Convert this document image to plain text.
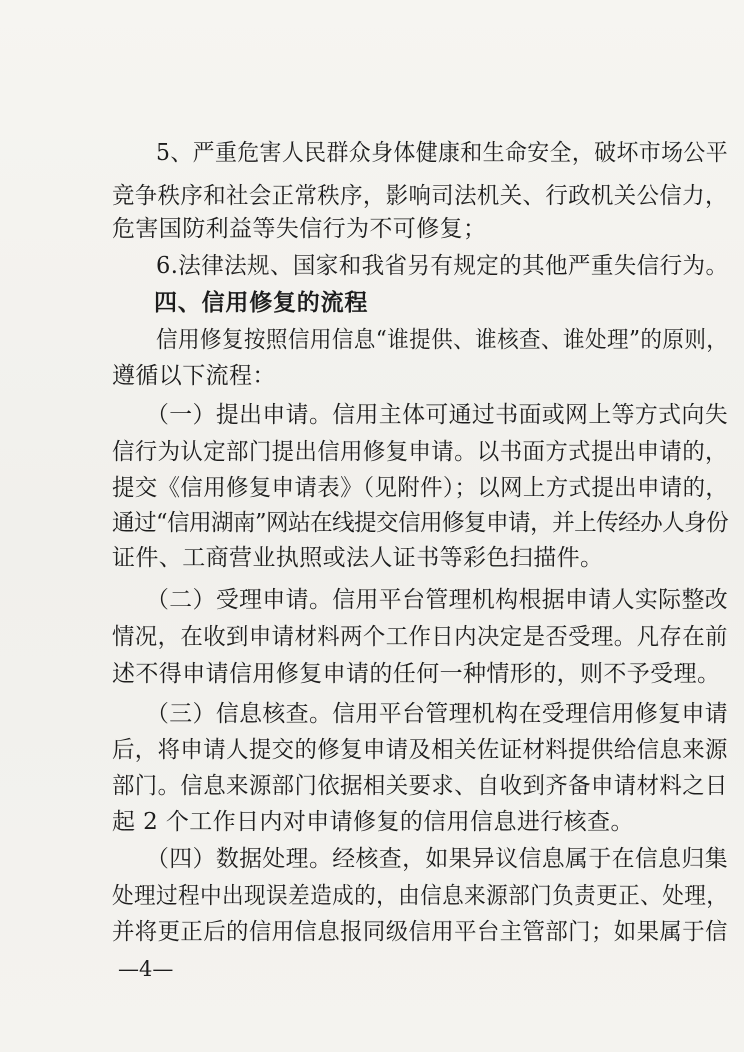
5、严重危害人民群众身体健康和生命安全，破坏市场公平
竞争秩序和社会正常秩序，影响司法机关、行政机关公信力，
危害国防利益等失信行为不可修复；
6.法律法规、国家和我省另有规定的其他严重失信行为。
四、信用修复的流程
信用修复按照信用信息“谁提供、谁核查、谁处理”的原则，
遵循以下流程：
（一）提出申请。信用主体可通过书面或网上等方式向失
信行为认定部门提出信用修复申请。以书面方式提出申请的，
提交《信用修复申请表》（见附件）；以网上方式提出申请的，
通过“信用湖南”网站在线提交信用修复申请，并上传经办人身份
证件、工商营业执照或法人证书等彩色扫描件。
（二）受理申请。信用平台管理机构根据申请人实际整改
情况，在收到申请材料两个工作日内决定是否受理。凡存在前
述不得申请信用修复申请的任何一种情形的，则不予受理。
（三）信息核查。信用平台管理机构在受理信用修复申请
后，将申请人提交的修复申请及相关佐证材料提供给信息来源
部门。信息来源部门依据相关要求、自收到齐备申请材料之日
起 2 个工作日内对申请修复的信用信息进行核查。
（四）数据处理。经核查，如果异议信息属于在信息归集
处理过程中出现误差造成的，由信息来源部门负责更正、处理，
并将更正后的信用信息报同级信用平台主管部门；如果属于信
—4—
